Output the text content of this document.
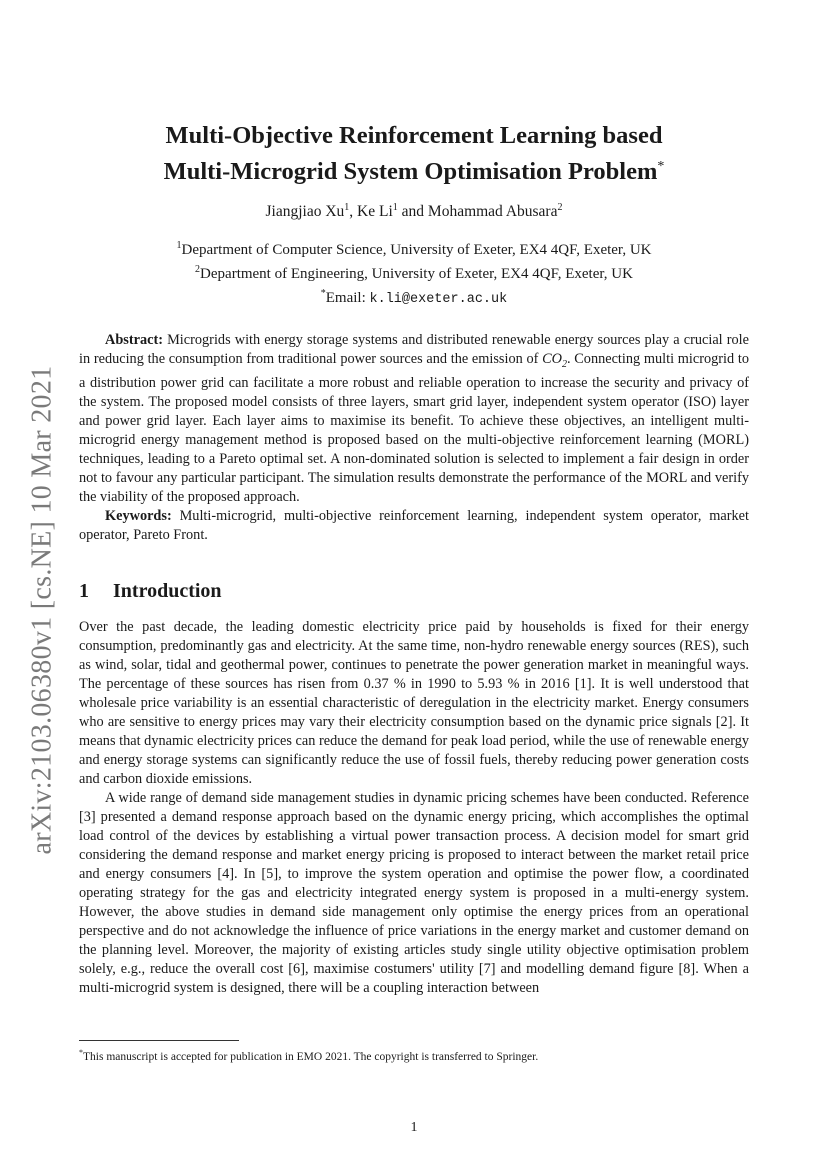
arXiv:2103.06380v1 [cs.NE] 10 Mar 2021
Multi-Objective Reinforcement Learning based
Multi-Microgrid System Optimisation Problem*
Jiangjiao Xu$^1$, Ke Li$^1$ and Mohammad Abusara$^2$
$^1$Department of Computer Science, University of Exeter, EX4 4QF, Exeter, UK
$^2$Department of Engineering, University of Exeter, EX4 4QF, Exeter, UK
*Email: k.li@exeter.ac.uk

Abstract: Microgrids with energy storage systems and distributed renewable energy sources play a crucial role in reducing the consumption from traditional power sources and the emission of $CO_2$. Connecting multi microgrid to a distribution power grid can facilitate a more robust and reliable operation to increase the security and privacy of the system. The proposed model consists of three layers, smart grid layer, independent system operator (ISO) layer and power grid layer. Each layer aims to maximise its benefit. To achieve these objectives, an intelligent multi-microgrid energy management method is proposed based on the multi-objective reinforcement learning (MORL) techniques, leading to a Pareto optimal set. A non-dominated solution is selected to implement a fair design in order not to favour any particular participant. The simulation results demonstrate the performance of the MORL and verify the viability of the proposed approach.

Keywords: Multi-microgrid, multi-objective reinforcement learning, independent system operator, market operator, Pareto Front.

1 Introduction

Over the past decade, the leading domestic electricity price paid by households is fixed for their energy consumption, predominantly gas and electricity. At the same time, non-hydro renewable energy sources (RES), such as wind, solar, tidal and geothermal power, continues to penetrate the power generation market in meaningful ways. The percentage of these sources has risen from 0.37 % in 1990 to 5.93 % in 2016 [1]. It is well understood that wholesale price variability is an essential characteristic of deregulation in the electricity market. Energy consumers who are sensitive to energy prices may vary their electricity consumption based on the dynamic price signals [2]. It means that dynamic electricity prices can reduce the demand for peak load period, while the use of renewable energy and energy storage systems can significantly reduce the use of fossil fuels, thereby reducing power generation costs and carbon dioxide emissions.

A wide range of demand side management studies in dynamic pricing schemes have been conducted. Reference [3] presented a demand response approach based on the dynamic energy pricing, which accomplishes the optimal load control of the devices by establishing a virtual power transaction process. A decision model for smart grid considering the demand response and market energy pricing is proposed to interact between the market retail price and energy consumers [4]. In [5], to improve the system operation and optimise the power flow, a coordinated operating strategy for the gas and electricity integrated energy system is proposed in a multi-energy system. However, the above studies in demand side management only optimise the energy prices from an operational perspective and do not acknowledge the influence of price variations in the energy market and customer demand on the planning level. Moreover, the majority of existing articles study single utility objective optimisation problem solely, e.g., reduce the overall cost [6], maximise costumers' utility [7] and modelling demand figure [8]. When a multi-microgrid system is designed, there will be a coupling interaction between

*This manuscript is accepted for publication in EMO 2021. The copyright is transferred to Springer.
1
